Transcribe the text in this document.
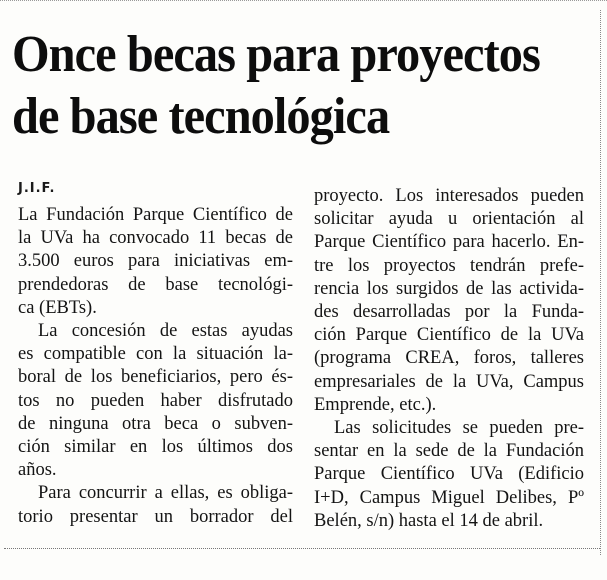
Once becas para proyectos
de base tecnológica
J.I.F.
La Fundación Parque Científico de
la UVa ha convocado 11 becas de
3.500 euros para iniciativas em-
prendedoras de base tecnológi-
ca (EBTs).
La concesión de estas ayudas
es compatible con la situación la-
boral de los beneficiarios, pero és-
tos no pueden haber disfrutado
de ninguna otra beca o subven-
ción similar en los últimos dos
años.
Para concurrir a ellas, es obliga-
torio presentar un borrador del
proyecto. Los interesados pueden
solicitar ayuda u orientación al
Parque Científico para hacerlo. En-
tre los proyectos tendrán prefe-
rencia los surgidos de las activida-
des desarrolladas por la Funda-
ción Parque Científico de la UVa
(programa CREA, foros, talleres
empresariales de la UVa, Campus
Emprende, etc.).
Las solicitudes se pueden pre-
sentar en la sede de la Fundación
Parque Científico UVa (Edificio
I+D, Campus Miguel Delibes, Pº
Belén, s/n) hasta el 14 de abril.
